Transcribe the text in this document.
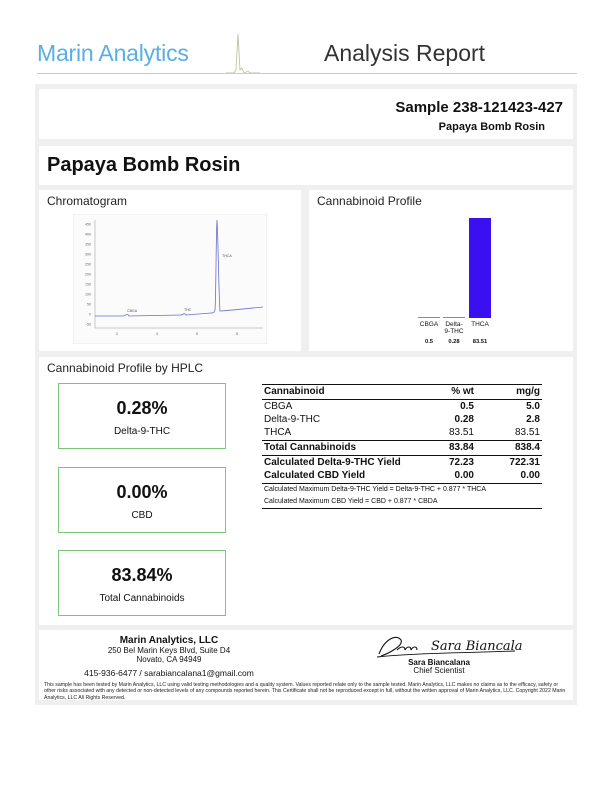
Marin Analytics	Analysis Report
Sample 238-121423-427
Papaya Bomb Rosin
Papaya Bomb Rosin
Chromatogram
450
400
350
300
250
200
150
100
50
0
-50
2	4	6	8
CBGA	THC
THCA
Cannabinoid Profile
CBGA
0.5
Delta-
9-THC
0.28
THCA
83.51
Cannabinoid Profile by HPLC
0.28%
Delta-9-THC
0.00%
CBD
83.84%
Total Cannabinoids
Cannabinoid	% wt	mg/g
CBGA	0.5	5.0
Delta-9-THC	0.28	2.8
THCA	83.51	83.51
Total Cannabinoids	83.84	838.4
Calculated Delta-9-THC Yield	72.23	722.31
Calculated CBD Yield	0.00	0.00
Calculated Maximum Delta-9-THC Yield = Delta-9-THC + 0.877 * THCA
Calculated Maximum CBD Yield = CBD + 0.877 * CBDA
Marin Analytics, LLC
250 Bel Marin Keys Blvd, Suite D4
Novato, CA 94949
415-936-6477 / sarabiancalana1@gmail.com
Sara Biancala
Sara Biancalana
Chief Scientist
This sample has been tested by Marin Analytics, LLC using valid testing methodologies and a quality system. Values reported relate only to the sample tested. Marin Analytics, LLC makes no claims as to the efficacy, safety or other risks associated with any detected or non-detected levels of any compounds reported herein. This Certificate shall not be reproduced except in full, without the written approval of Marin Analytics, LLC. Copyright 2022 Marin Analytics, LLC All Rights Reserved.
